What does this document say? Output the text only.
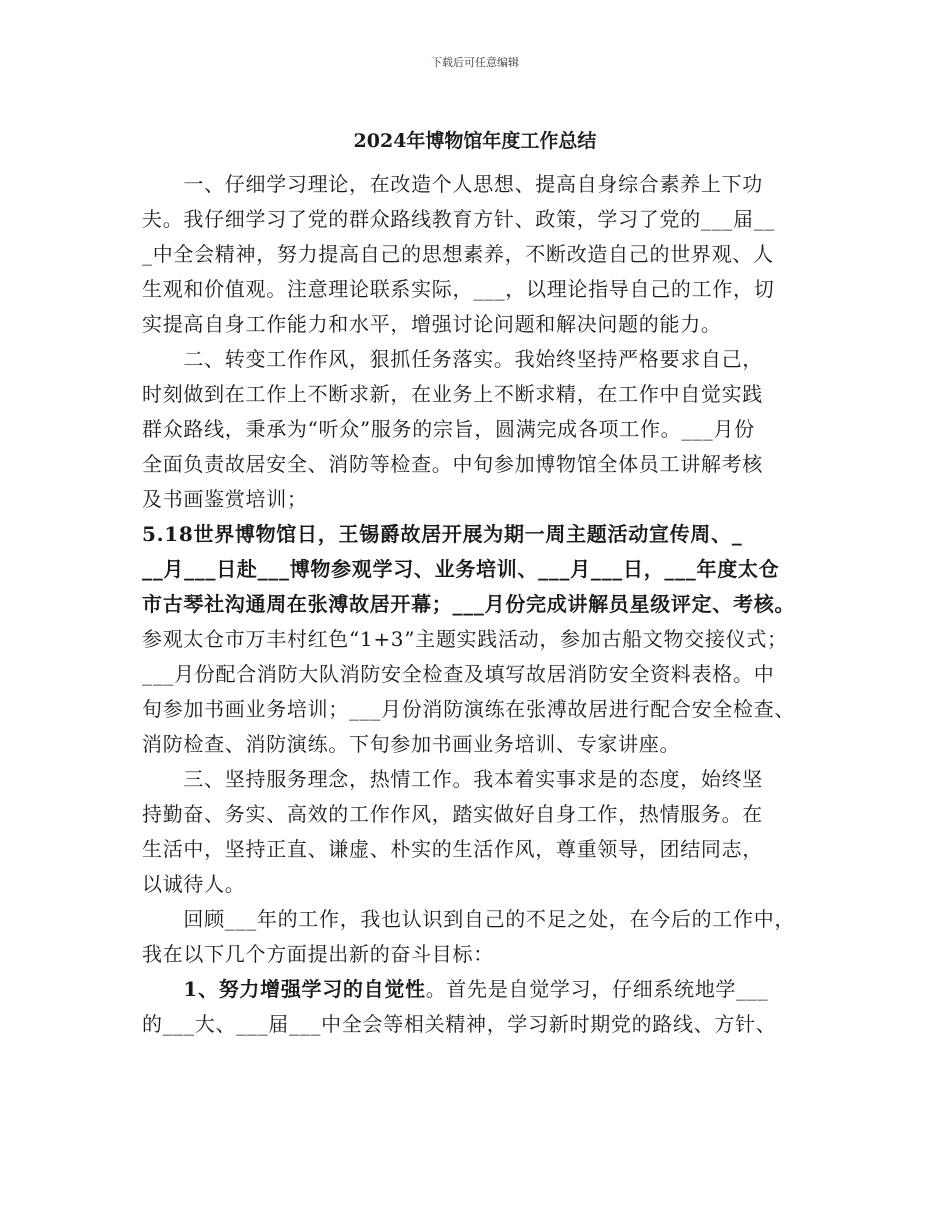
下载后可任意编辑
2024年博物馆年度工作总结
　　一、仔细学习理论，在改造个人思想、提高自身综合素养上下功
夫。我仔细学习了党的群众路线教育方针、政策，学习了党的___届__
_中全会精神，努力提高自己的思想素养，不断改造自己的世界观、人
生观和价值观。注意理论联系实际，___，以理论指导自己的工作，切
实提高自身工作能力和水平，增强讨论问题和解决问题的能力。
　　二、转变工作作风，狠抓任务落实。我始终坚持严格要求自己，
时刻做到在工作上不断求新，在业务上不断求精，在工作中自觉实践
群众路线，秉承为“听众”服务的宗旨，圆满完成各项工作。___月份
全面负责故居安全、消防等检查。中旬参加博物馆全体员工讲解考核
及书画鉴赏培训；
5.18世界博物馆日，王锡爵故居开展为期一周主题活动宣传周、_
__月___日赴___博物参观学习、业务培训、___月___日，___年度太仓
市古琴社沟通周在张溥故居开幕；___月份完成讲解员星级评定、考核。
参观太仓市万丰村红色“1+3”主题实践活动，参加古船文物交接仪式；
___月份配合消防大队消防安全检查及填写故居消防安全资料表格。中
旬参加书画业务培训；___月份消防演练在张溥故居进行配合安全检查、
消防检查、消防演练。下旬参加书画业务培训、专家讲座。
　　三、坚持服务理念，热情工作。我本着实事求是的态度，始终坚
持勤奋、务实、高效的工作作风，踏实做好自身工作，热情服务。在
生活中，坚持正直、谦虚、朴实的生活作风，尊重领导，团结同志，
以诚待人。
　　回顾___年的工作，我也认识到自己的不足之处，在今后的工作中，
我在以下几个方面提出新的奋斗目标：
　　1、努力增强学习的自觉性。首先是自觉学习，仔细系统地学___
的___大、___届___中全会等相关精神，学习新时期党的路线、方针、
